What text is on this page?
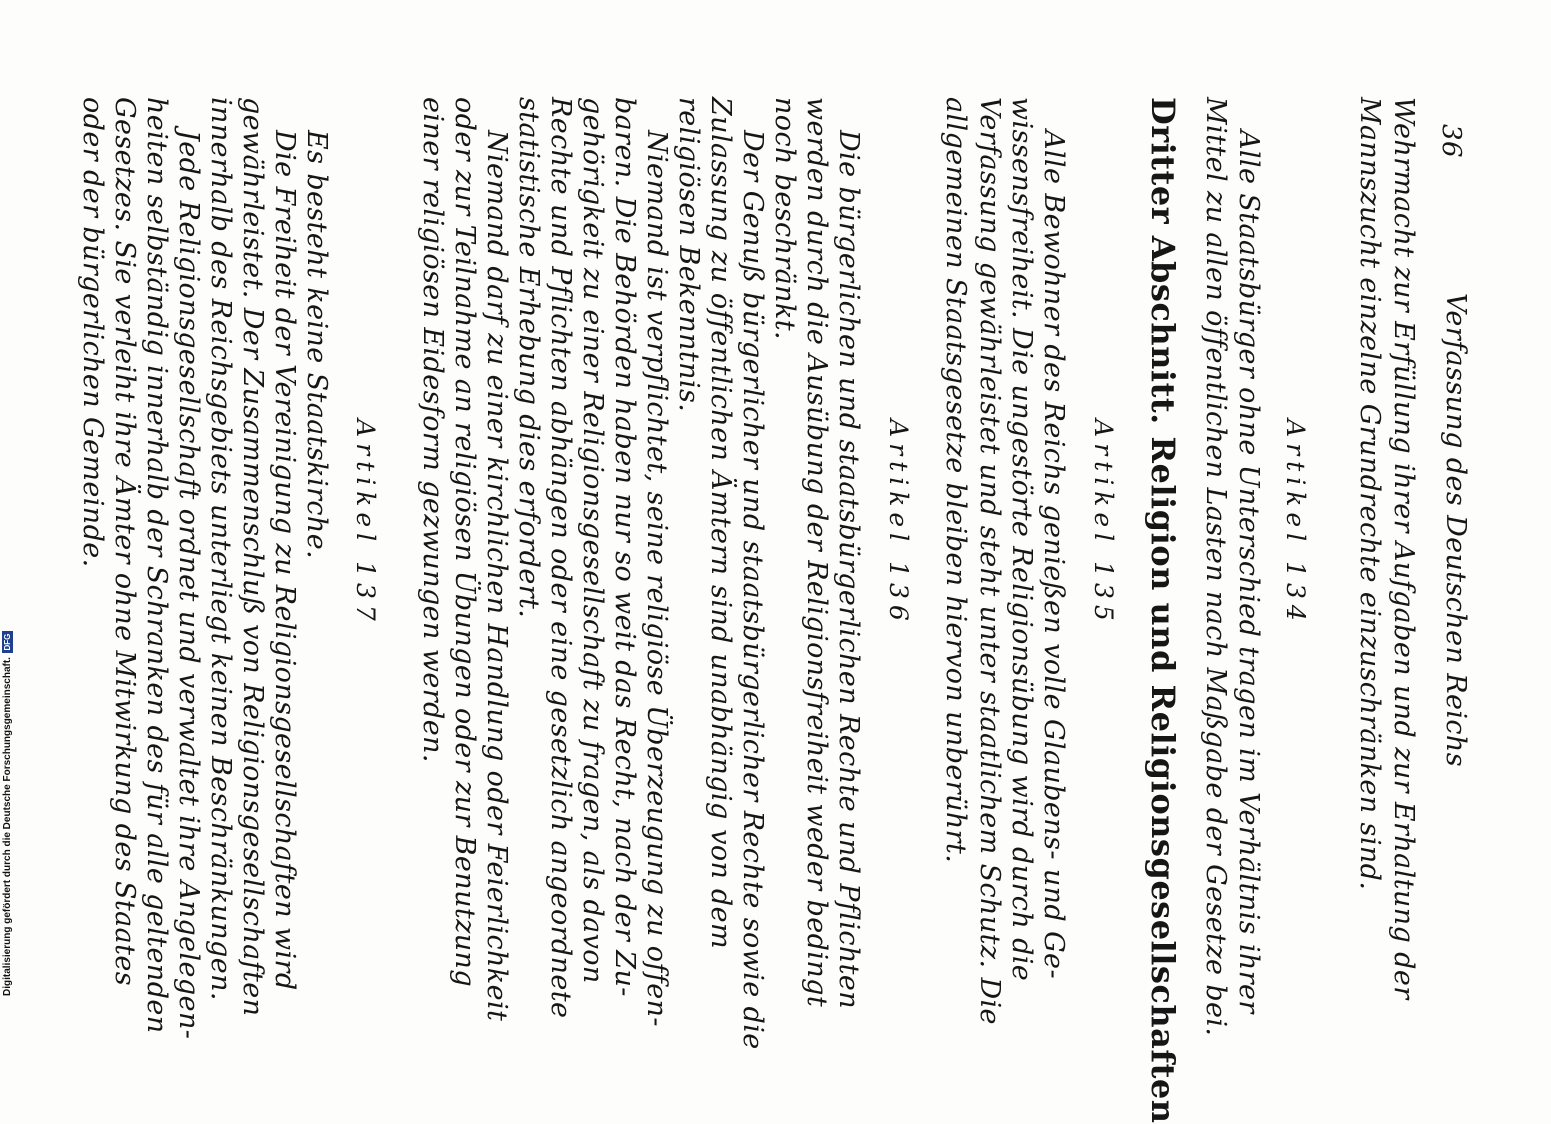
36
Verfassung des Deutschen Reichs
Wehrmacht zur Erfüllung ihrer Aufgaben und zur Erhaltung der
Mannszucht einzelne Grundrechte einzuschränken sind.
Artikel 134
Alle Staatsbürger ohne Unterschied tragen im Verhältnis ihrer
Mittel zu allen öffentlichen Lasten nach Maßgabe der Gesetze bei.
Dritter Abschnitt. Religion und Religionsgesellschaften
Artikel 135
Alle Bewohner des Reichs genießen volle Glaubens- und Ge-
wissensfreiheit. Die ungestörte Religionsübung wird durch die
Verfassung gewährleistet und steht unter staatlichem Schutz. Die
allgemeinen Staatsgesetze bleiben hiervon unberührt.
Artikel 136
Die bürgerlichen und staatsbürgerlichen Rechte und Pflichten
werden durch die Ausübung der Religionsfreiheit weder bedingt
noch beschränkt.
Der Genuß bürgerlicher und staatsbürgerlicher Rechte sowie die
Zulassung zu öffentlichen Ämtern sind unabhängig von dem
religiösen Bekenntnis.
Niemand ist verpflichtet, seine religiöse Überzeugung zu offen-
baren. Die Behörden haben nur so weit das Recht, nach der Zu-
gehörigkeit zu einer Religionsgesellschaft zu fragen, als davon
Rechte und Pflichten abhängen oder eine gesetzlich angeordnete
statistische Erhebung dies erfordert.
Niemand darf zu einer kirchlichen Handlung oder Feierlichkeit
oder zur Teilnahme an religiösen Übungen oder zur Benutzung
einer religiösen Eidesform gezwungen werden.
Artikel 137
Es besteht keine Staatskirche.
Die Freiheit der Vereinigung zu Religionsgesellschaften wird
gewährleistet. Der Zusammenschluß von Religionsgesellschaften
innerhalb des Reichsgebiets unterliegt keinen Beschränkungen.
Jede Religionsgesellschaft ordnet und verwaltet ihre Angelegen-
heiten selbständig innerhalb der Schranken des für alle geltenden
Gesetzes. Sie verleiht ihre Ämter ohne Mitwirkung des Staates
oder der bürgerlichen Gemeinde.
Digitalisierung gefördert durch die Deutsche Forschungsgemeinschaft.
DFG
